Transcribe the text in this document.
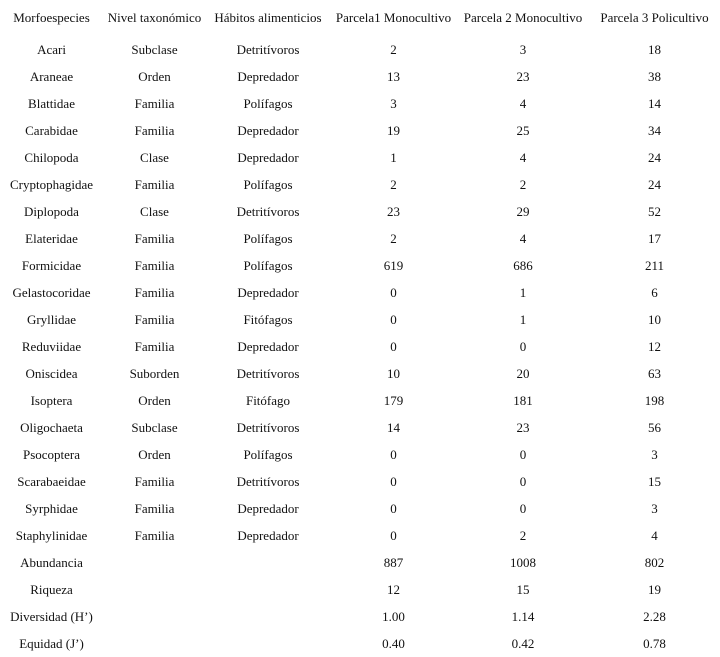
Morfoespecies	Nivel taxonómico	Hábitos alimenticios	Parcela1 Monocultivo	Parcela 2 Monocultivo	Parcela 3 Policultivo
Acari	Subclase	Detritívoros	2	3	18
Araneae	Orden	Depredador	13	23	38
Blattidae	Familia	Polífagos	3	4	14
Carabidae	Familia	Depredador	19	25	34
Chilopoda	Clase	Depredador	1	4	24
Cryptophagidae	Familia	Polífagos	2	2	24
Diplopoda	Clase	Detritívoros	23	29	52
Elateridae	Familia	Polífagos	2	4	17
Formicidae	Familia	Polífagos	619	686	211
Gelastocoridae	Familia	Depredador	0	1	6
Gryllidae	Familia	Fitófagos	0	1	10
Reduviidae	Familia	Depredador	0	0	12
Oniscidea	Suborden	Detritívoros	10	20	63
Isoptera	Orden	Fitófago	179	181	198
Oligochaeta	Subclase	Detritívoros	14	23	56
Psocoptera	Orden	Polífagos	0	0	3
Scarabaeidae	Familia	Detritívoros	0	0	15
Syrphidae	Familia	Depredador	0	0	3
Staphylinidae	Familia	Depredador	0	2	4
Abundancia			887	1008	802
Riqueza			12	15	19
Diversidad (H’)			1.00	1.14	2.28
Equidad (J’)			0.40	0.42	0.78
